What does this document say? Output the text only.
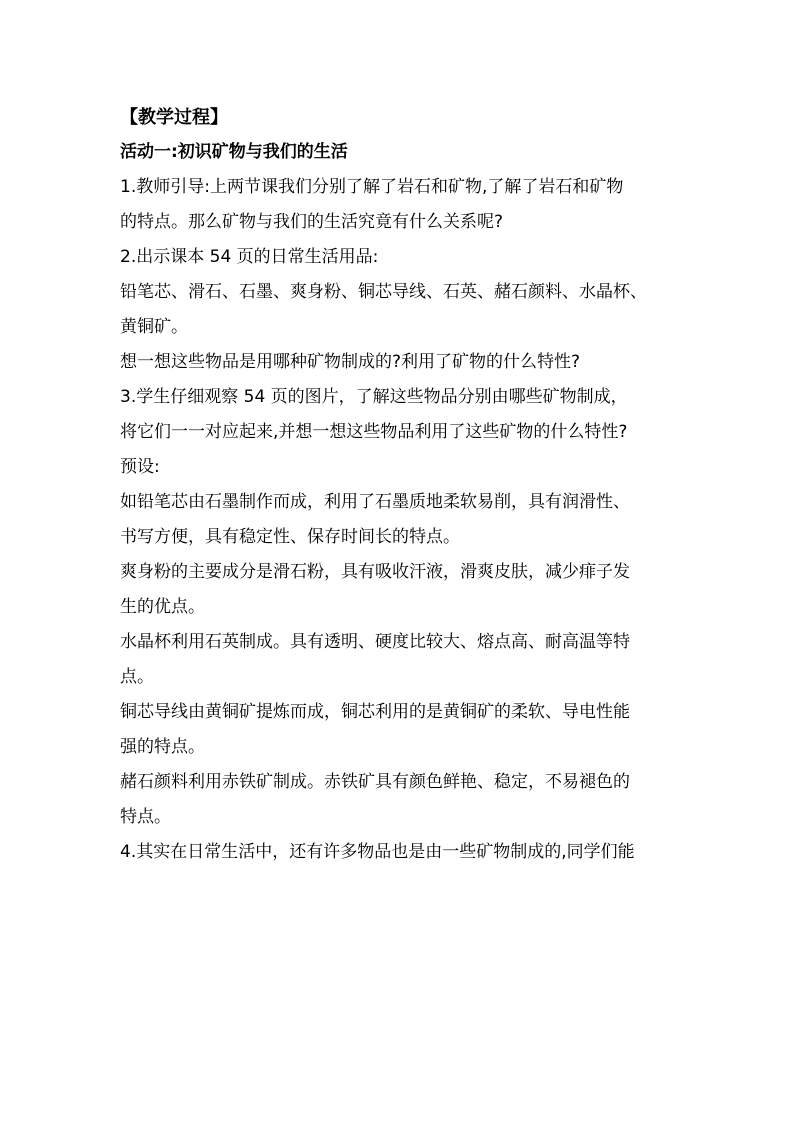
【教学过程】
活动一:初识矿物与我们的生活
1.教师引导:上两节课我们分别了解了岩石和矿物,了解了岩石和矿物
的特点。那么矿物与我们的生活究竟有什么关系呢?
2.出示课本 54 页的日常生活用品:
铅笔芯、滑石、石墨、爽身粉、铜芯导线、石英、赭石颜料、水晶杯、
黄铜矿。
想一想这些物品是用哪种矿物制成的?利用了矿物的什么特性?
3.学生仔细观察 54 页的图片，了解这些物品分别由哪些矿物制成，
将它们一一对应起来,并想一想这些物品利用了这些矿物的什么特性?
预设:
如铅笔芯由石墨制作而成，利用了石墨质地柔软易削，具有润滑性、
书写方便，具有稳定性、保存时间长的特点。
爽身粉的主要成分是滑石粉，具有吸收汗液，滑爽皮肤，减少痱子发
生的优点。
水晶杯利用石英制成。具有透明、硬度比较大、熔点高、耐高温等特
点。
铜芯导线由黄铜矿提炼而成，铜芯利用的是黄铜矿的柔软、导电性能
强的特点。
赭石颜料利用赤铁矿制成。赤铁矿具有颜色鲜艳、稳定，不易褪色的
特点。
4.其实在日常生活中，还有许多物品也是由一些矿物制成的,同学们能
